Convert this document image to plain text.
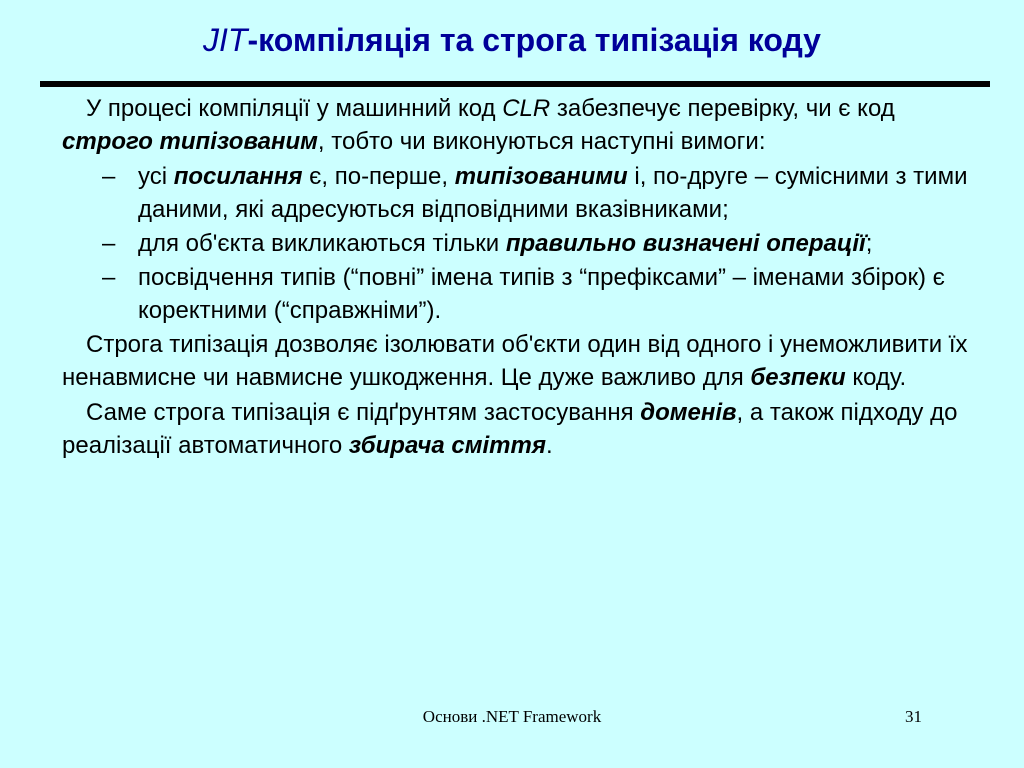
JIT-компіляція та строга типізація коду

У процесі компіляції у машинний код CLR забезпечує перевірку, чи є код строго типізованим, тобто чи виконуються наступні вимоги:

– усі посилання є, по-перше, типізованими і, по-друге – сумісними з тими даними, які адресуються відповідними вказівниками;
– для об'єкта викликаються тільки правильно визначені операції;
– посвідчення типів (“повні” імена типів з “префіксами” – іменами збірок) є коректними (“справжніми”).

Строга типізація дозволяє ізолювати об'єкти один від одного і унеможливити їх ненавмисне чи навмисне ушкодження. Це дуже важливо для безпеки коду.

Саме строга типізація є підґрунтям застосування доменів, а також підходу до реалізації автоматичного збирача сміття.

Основи .NET Framework	31
